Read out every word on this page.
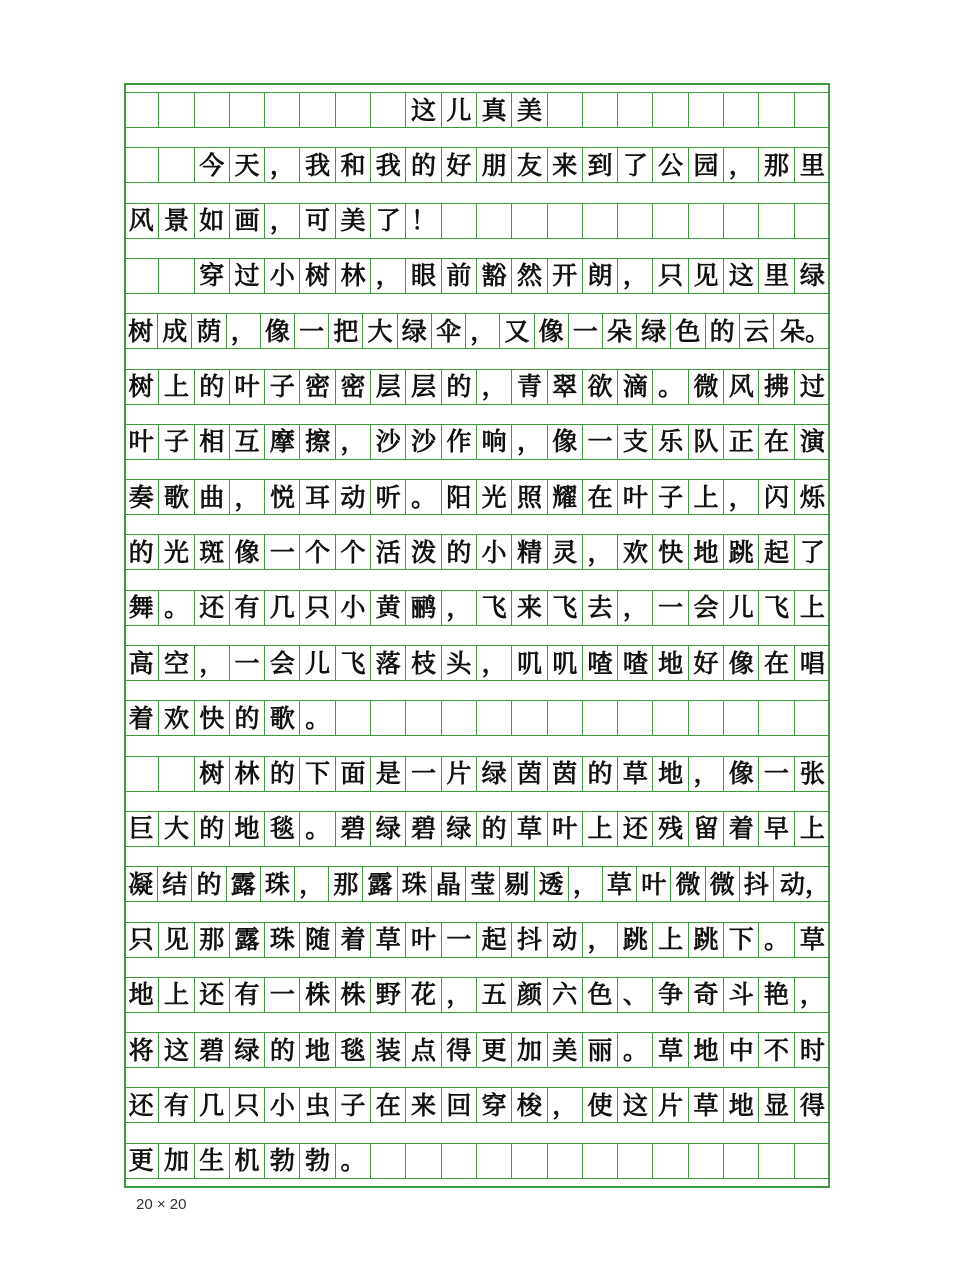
这 儿 真 美
今 天 ， 我 和 我 的 好 朋 友 来 到 了 公 园 ， 那 里
风 景 如 画 ， 可 美 了 ！
穿 过 小 树 林 ， 眼 前 豁 然 开 朗 ， 只 见 这 里 绿
树 成 荫 ， 像 一 把 大 绿 伞 ， 又 像 一 朵 绿 色 的 云 朵。
树 上 的 叶 子 密 密 层 层 的 ， 青 翠 欲 滴 。 微 风 拂 过
叶 子 相 互 摩 擦 ， 沙 沙 作 响 ， 像 一 支 乐 队 正 在 演
奏 歌 曲 ， 悦 耳 动 听 。 阳 光 照 耀 在 叶 子 上 ， 闪 烁
的 光 斑 像 一 个 个 活 泼 的 小 精 灵 ， 欢 快 地 跳 起 了
舞 。 还 有 几 只 小 黄 鹂 ， 飞 来 飞 去 ， 一 会 儿 飞 上
高 空 ， 一 会 儿 飞 落 枝 头 ， 叽 叽 喳 喳 地 好 像 在 唱
着 欢 快 的 歌 。
树 林 的 下 面 是 一 片 绿 茵 茵 的 草 地 ， 像 一 张
巨 大 的 地 毯 。 碧 绿 碧 绿 的 草 叶 上 还 残 留 着 早 上
凝 结 的 露 珠 ， 那 露 珠 晶 莹 剔 透 ， 草 叶 微 微 抖 动，
只 见 那 露 珠 随 着 草 叶 一 起 抖 动 ， 跳 上 跳 下 。 草
地 上 还 有 一 株 株 野 花 ， 五 颜 六 色 、 争 奇 斗 艳 ，
将 这 碧 绿 的 地 毯 装 点 得 更 加 美 丽 。 草 地 中 不 时
还 有 几 只 小 虫 子 在 来 回 穿 梭 ， 使 这 片 草 地 显 得
更 加 生 机 勃 勃 。
20 × 20
